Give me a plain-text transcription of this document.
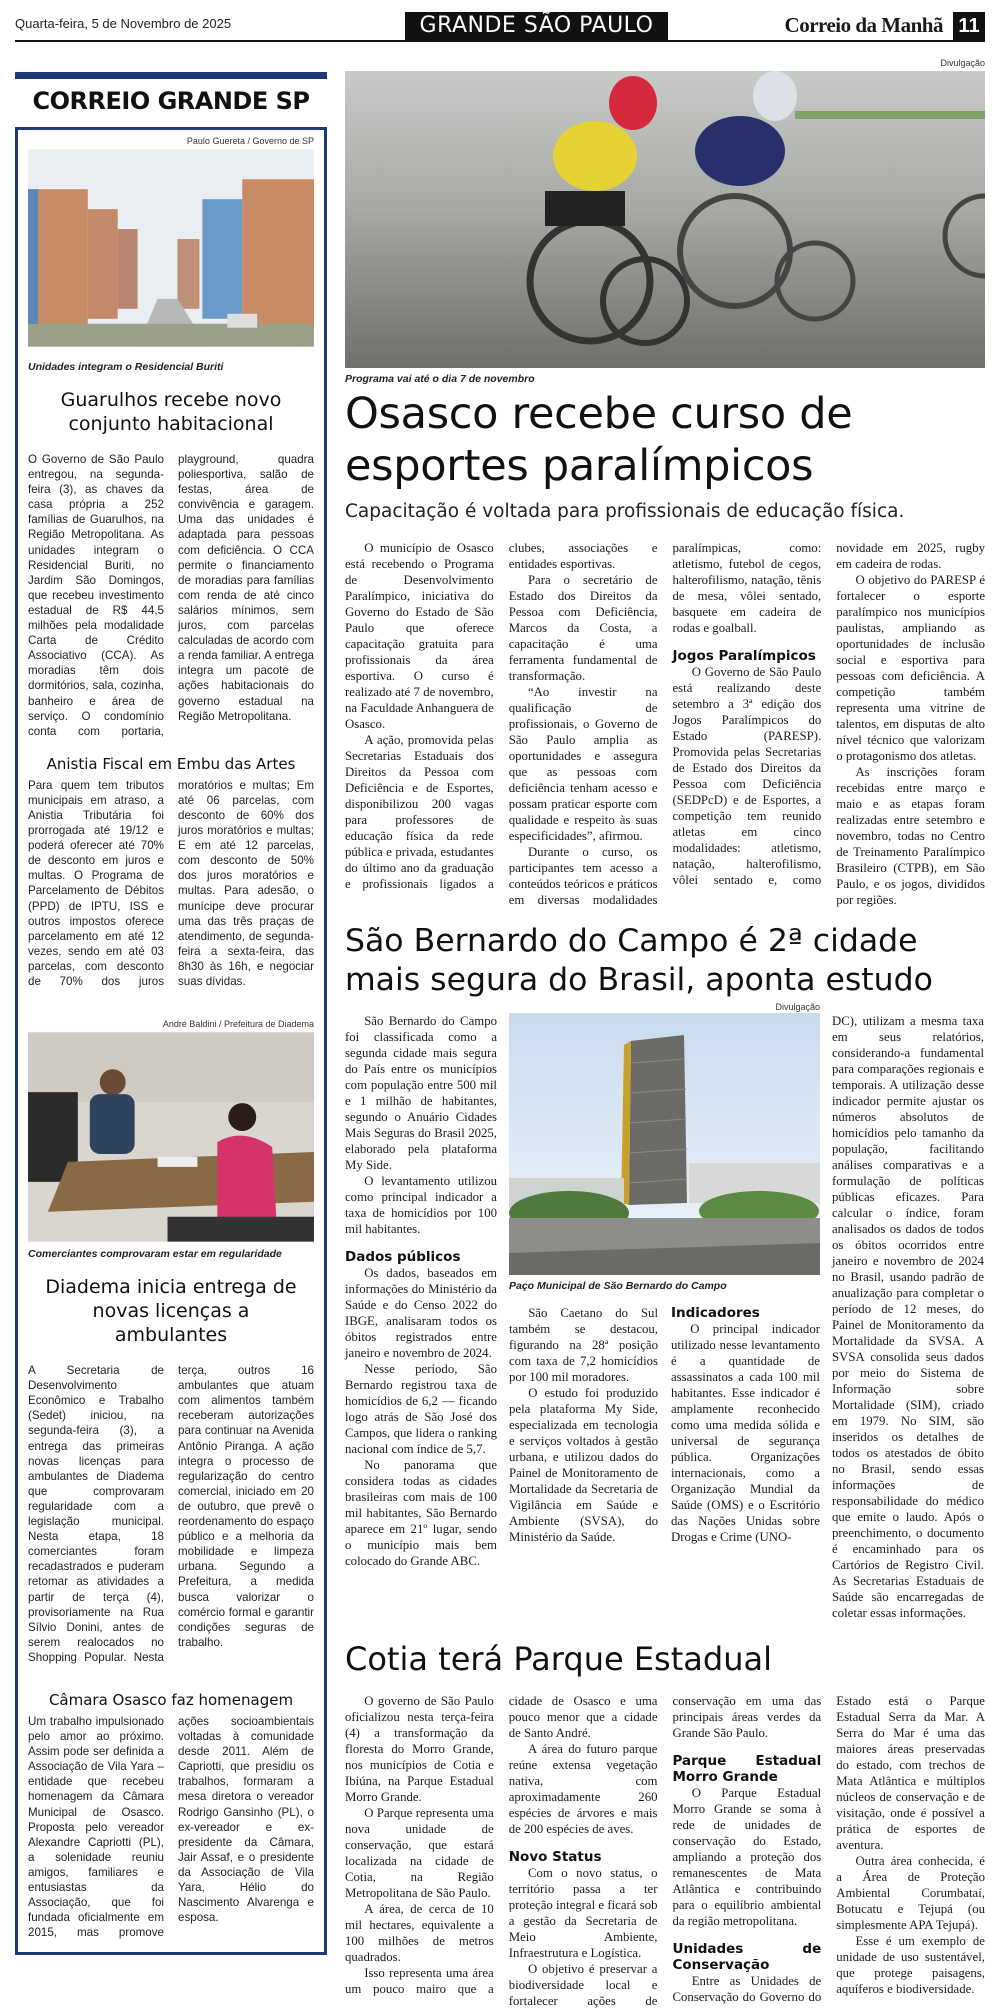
Quarta-feira, 5 de Novembro de 2025	GRANDE SÃO PAULO	Correio da Manhã 11
CORREIO GRANDE SP
Paulo Guereta / Governo de SP
Unidades integram o Residencial Buriti
Guarulhos recebe novo conjunto habitacional

O Governo de São Paulo entregou, na segunda-feira (3), as chaves da casa própria a 252 famílias de Guarulhos, na Região Metropolitana. As unidades integram o Residencial Buriti, no Jardim São Domingos, que recebeu investimento estadual de R$ 44,5 milhões pela modalidade Carta de Crédito Associativo (CCA). As moradias têm dois dormitórios, sala, cozinha, banheiro e área de serviço. O condomínio conta com portaria, playground, quadra poliesportiva, salão de festas, área de convivência e garagem. Uma das unidades é adaptada para pessoas com deficiência. O CCA permite o financiamento de moradias para famílias com renda de até cinco salários mínimos, sem juros, com parcelas calculadas de acordo com a renda familiar. A entrega integra um pacote de ações habitacionais do governo estadual na Região Metropolitana.

Anistia Fiscal em Embu das Artes

Para quem tem tributos municipais em atraso, a Anistia Tributária foi prorrogada até 19/12 e poderá oferecer até 70% de desconto em juros e multas. O Programa de Parcelamento de Débitos (PPD) de IPTU, ISS e outros impostos oferece parcelamento em até 12 vezes, sendo em até 03 parcelas, com desconto de 70% dos juros moratórios e multas; Em até 06 parcelas, com desconto de 60% dos juros moratórios e multas; E em até 12 parcelas, com desconto de 50% dos juros moratórios e multas. Para adesão, o munícipe deve procurar uma das três praças de atendimento, de segunda-feira a sexta-feira, das 8h30 às 16h, e negociar suas dívidas.

André Baldini / Prefeitura de Diadema
Comerciantes comprovaram estar em regularidade
Diadema inicia entrega de novas licenças a ambulantes

A Secretaria de Desenvolvimento Econômico e Trabalho (Sedet) iniciou, na segunda-feira (3), a entrega das primeiras novas licenças para ambulantes de Diadema que comprovaram regularidade com a legislação municipal. Nesta etapa, 18 comerciantes foram recadastrados e puderam retomar as atividades a partir de terça (4), provisoriamente na Rua Sílvio Donini, antes de serem realocados no Shopping Popular. Nesta terça, outros 16 ambulantes que atuam com alimentos também receberam autorizações para continuar na Avenida Antônio Piranga. A ação integra o processo de regularização do centro comercial, iniciado em 20 de outubro, que prevê o reordenamento do espaço público e a melhoria da mobilidade e limpeza urbana. Segundo a Prefeitura, a medida busca valorizar o comércio formal e garantir condições seguras de trabalho.

Câmara Osasco faz homenagem

Um trabalho impulsionado pelo amor ao próximo. Assim pode ser definida a Associação de Vila Yara – entidade que recebeu homenagem da Câmara Municipal de Osasco. Proposta pelo vereador Alexandre Capriotti (PL), a solenidade reuniu amigos, familiares e entusiastas da Associação, que foi fundada oficialmente em 2015, mas promove ações socioambientais voltadas à comunidade desde 2011. Além de Capriotti, que presidiu os trabalhos, formaram a mesa diretora o vereador Rodrigo Gansinho (PL), o ex-vereador e ex-presidente da Câmara, Jair Assaf, e o presidente da Associação de Vila Yara, Hélio do Nascimento Alvarenga e esposa.

Divulgação
Programa vai até o dia 7 de novembro
Osasco recebe curso de esportes paralímpicos
Capacitação é voltada para profissionais de educação física.

O município de Osasco está recebendo o Programa de Desenvolvimento Paralímpico, iniciativa do Governo do Estado de São Paulo que oferece capacitação gratuita para profissionais da área esportiva. O curso é realizado até 7 de novembro, na Faculdade Anhanguera de Osasco.

A ação, promovida pelas Secretarias Estaduais dos Direitos da Pessoa com Deficiência e de Esportes, disponibilizou 200 vagas para professores de educação física da rede pública e privada, estudantes do último ano da graduação e profissionais ligados a clubes, associações e entidades esportivas.

Para o secretário de Estado dos Direitos da Pessoa com Deficiência, Marcos da Costa, a capacitação é uma ferramenta fundamental de transformação.

“Ao investir na qualificação de profissionais, o Governo de São Paulo amplia as oportunidades e assegura que as pessoas com deficiência tenham acesso e possam praticar esporte com qualidade e respeito às suas especificidades”, afirmou.

Durante o curso, os participantes tem acesso a conteúdos teóricos e práticos em diversas modalidades paralímpicas, como: atletismo, futebol de cegos, halterofilismo, natação, tênis de mesa, vôlei sentado, basquete em cadeira de rodas e goalball.

Jogos Paralímpicos

O Governo de São Paulo está realizando deste setembro a 3ª edição dos Jogos Paralímpicos do Estado (PARESP). Promovida pelas Secretarias de Estado dos Direitos da Pessoa com Deficiência (SEDPcD) e de Esportes, a competição tem reunido atletas em cinco modalidades: atletismo, natação, halterofilismo, vôlei sentado e, como novidade em 2025, rugby em cadeira de rodas.

O objetivo do PARESP é fortalecer o esporte paralímpico nos municípios paulistas, ampliando as oportunidades de inclusão social e esportiva para pessoas com deficiência. A competição também representa uma vitrine de talentos, em disputas de alto nível técnico que valorizam o protagonismo dos atletas.

As inscrições foram recebidas entre março e maio e as etapas foram realizadas entre setembro e novembro, todas no Centro de Treinamento Paralímpico Brasileiro (CTPB), em São Paulo, e os jogos, divididos por regiões.

São Bernardo do Campo é 2ª cidade mais segura do Brasil, aponta estudo
Divulgação

São Bernardo do Campo foi classificada como a segunda cidade mais segura do País entre os municípios com população entre 500 mil e 1 milhão de habitantes, segundo o Anuário Cidades Mais Seguras do Brasil 2025, elaborado pela plataforma My Side.

O levantamento utilizou como principal indicador a taxa de homicídios por 100 mil habitantes.

Dados públicos

Os dados, baseados em informações do Ministério da Saúde e do Censo 2022 do IBGE, analisaram todos os óbitos registrados entre janeiro e novembro de 2024.

Nesse período, São Bernardo registrou taxa de homicídios de 6,2 — ficando logo atrás de São José dos Campos, que lidera o ranking nacional com índice de 5,7.

No panorama que considera todas as cidades brasileiras com mais de 100 mil habitantes, São Bernardo aparece em 21º lugar, sendo o município mais bem colocado do Grande ABC.

Paço Municipal de São Bernardo do Campo

São Caetano do Sul também se destacou, figurando na 28ª posição com taxa de 7,2 homicídios por 100 mil moradores.

O estudo foi produzido pela plataforma My Side, especializada em tecnologia e serviços voltados à gestão urbana, e utilizou dados do Painel de Monitoramento de Mortalidade da Secretaria de Vigilância em Saúde e Ambiente (SVSA), do Ministério da Saúde.

Indicadores

O principal indicador utilizado nesse levantamento é a quantidade de assassinatos a cada 100 mil habitantes. Esse indicador é amplamente reconhecido como uma medida sólida e universal de segurança pública. Organizações internacionais, como a Organização Mundial da Saúde (OMS) e o Escritório das Nações Unidas sobre Drogas e Crime (UNO-

DC), utilizam a mesma taxa em seus relatórios, considerando-a fundamental para comparações regionais e temporais. A utilização desse indicador permite ajustar os números absolutos de homicídios pelo tamanho da população, facilitando análises comparativas e a formulação de políticas públicas eficazes. Para calcular o índice, foram analisados os dados de todos os óbitos ocorridos entre janeiro e novembro de 2024 no Brasil, usando padrão de anualização para completar o período de 12 meses, do Painel de Monitoramento da Mortalidade da SVSA. A SVSA consolida seus dados por meio do Sistema de Informação sobre Mortalidade (SIM), criado em 1979. No SIM, são inseridos os detalhes de todos os atestados de óbito no Brasil, sendo essas informações de responsabilidade do médico que emite o laudo. Após o preenchimento, o documento é encaminhado para os Cartórios de Registro Civil. As Secretarias Estaduais de Saúde são encarregadas de coletar essas informações.

Cotia terá Parque Estadual

O governo de São Paulo oficializou nesta terça-feira (4) a transformação da floresta do Morro Grande, nos municípios de Cotia e Ibiúna, na Parque Estadual Morro Grande.

O Parque representa uma nova unidade de conservação, que estará localizada na cidade de Cotia, na Região Metropolitana de São Paulo.

A área, de cerca de 10 mil hectares, equivalente a 100 milhões de metros quadrados.

Isso representa uma área um pouco mairo que a cidade de Osasco e uma pouco menor que a cidade de Santo André.

A área do futuro parque reúne extensa vegetação nativa, com aproximadamente 260 espécies de árvores e mais de 200 espécies de aves.

Novo Status

Com o novo status, o território passa a ter proteção integral e ficará sob a gestão da Secretaria de Meio Ambiente, Infraestrutura e Logística.

O objetivo é preservar a biodiversidade local e fortalecer ações de conservação em uma das principais áreas verdes da Grande São Paulo.

Parque Estadual Morro Grande

O Parque Estadual Morro Grande se soma à rede de unidades de conservação do Estado, ampliando a proteção dos remanescentes de Mata Atlântica e contribuindo para o equilíbrio ambiental da região metropolitana.

Unidades de Conservação

Entre as Unidades de Conservação do Governo do Estado está o Parque Estadual Serra da Mar. A Serra do Mar é uma das maiores áreas preservadas do estado, com trechos de Mata Atlântica e múltiplos núcleos de conservação e de visitação, onde é possível a prática de esportes de aventura.

Outra área conhecida, é a Área de Proteção Ambiental Corumbataí, Botucatu e Tejupá (ou simplesmente APA Tejupá).

Esse é um exemplo de unidade de uso sustentável, que protege paisagens, aquíferos e biodiversidade.
